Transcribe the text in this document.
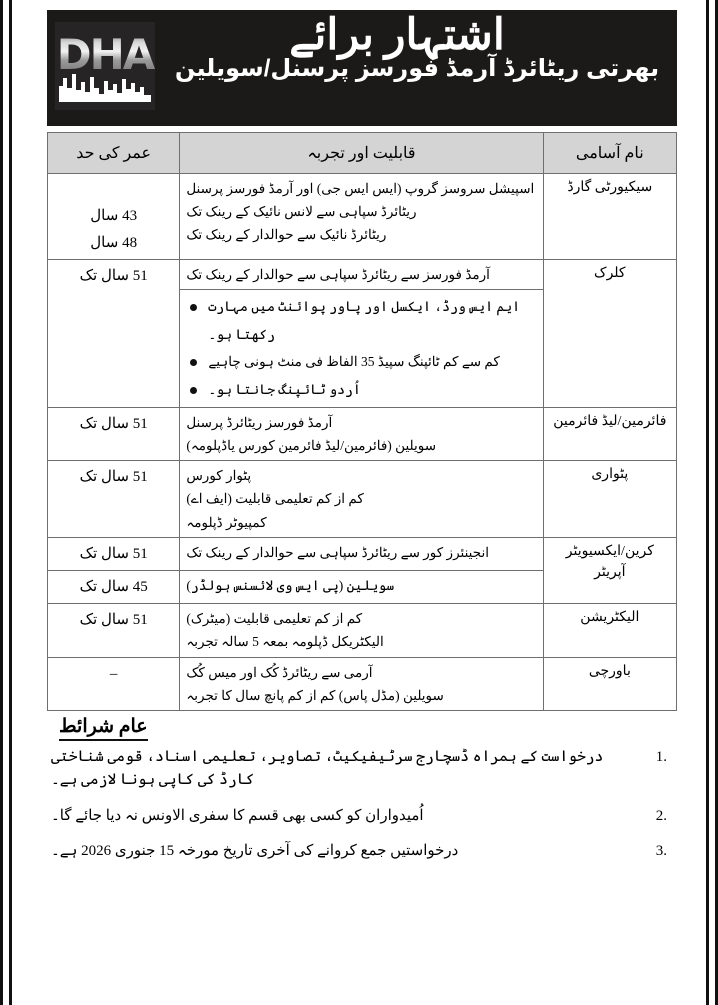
DHA	اشتہار برائے
بھرتی ریٹائرڈ آرمڈ فورسز پرسنل/سویلین
نام آسامی	قابلیت اور تجربہ	عمر کی حد
سیکیورٹی گارڈ	اسپیشل سروسز گروپ (ایس ایس جی) اور آرمڈ فورسز پرسنل
ریٹائرڈ سپاہی سے لانس نائیک کے رینک تک
ریٹائرڈ نائیک سے حوالدار کے رینک تک	43 سال
48 سال

کلرک	آرمڈ فورسز سے ریٹائرڈ سپاہی سے حوالدار کے رینک تک	51 سال تک

ایم ایس ورڈ، ایکسل اور پاور پوائنٹ میں مہارت رکھتا ہو۔
کم سے کم ٹائپنگ سپیڈ 35 الفاظ فی منٹ ہونی چاہیے
اُردو ٹائپنگ جانتا ہو۔

فائرمین/لیڈ فائرمین	آرمڈ فورسز ریٹائرڈ پرسنل
سویلین (فائرمین/لیڈ فائرمین کورس یاڈپلومہ)	51 سال تک

پٹواری	پٹوار کورس
کم از کم تعلیمی قابلیت (ایف اے)
کمپیوٹر ڈپلومہ	51 سال تک

کرین/ایکسیویٹر آپریٹر	انجینئرز کور سے ریٹائرڈ سپاہی سے حوالدار کے رینک تک	51 سال تک

	سویلین (پی ایس وی لائسنس ہولڈر)	45 سال تک

الیکٹریشن	کم از کم تعلیمی قابلیت (میٹرک)
الیکٹریکل ڈپلومہ بمعہ 5 سالہ تجربہ	51 سال تک

باورچی	آرمی سے ریٹائرڈ کُک اور میس کُک
سویلین (مڈل پاس) کم از کم پانچ سال کا تجربہ	–
عام شرائط
درخواست کے ہمراہ ڈسچارج سرٹیفیکیٹ، تصاویر، تعلیمی اسناد، قومی شناختی کارڈ کی کاپی ہونا لازمی ہے۔
اُمیدواران کو کسی بھی قسم کا سفری الاونس نہ دیا جائے گا۔
درخواستیں جمع کروانے کی آخری تاریخ مورخہ 15 جنوری 2026 ہے۔
